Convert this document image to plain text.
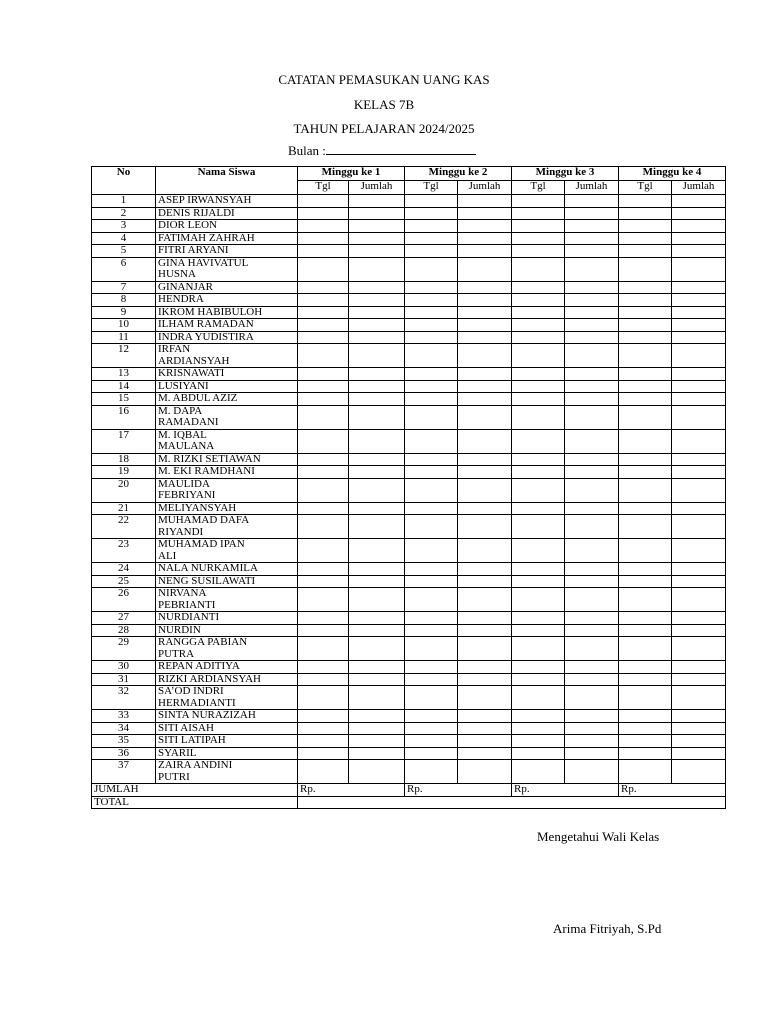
CATATAN PEMASUKAN UANG KAS
KELAS 7B
TAHUN PELAJARAN 2024/2025
Bulan :
No	Nama Siswa	Minggu ke 1		Minggu ke 2		Minggu ke 3		Minggu ke 4	
		Tgl	Jumlah	Tgl	Jumlah	Tgl	Jumlah	Tgl	Jumlah
1	ASEP IRWANSYAH								

2	DENIS RIJALDI								

3	DIOR LEON								

4	FATIMAH ZAHRAH								

5	FITRI ARYANI								

6	GINA HAVIVATUL
HUSNA								

7	GINANJAR								

8	HENDRA								

9	IKROM HABIBULOH								

10	ILHAM RAMADAN								

11	INDRA YUDISTIRA								

12	IRFAN
ARDIANSYAH								

13	KRISNAWATI								

14	LUSIYANI								

15	M. ABDUL AZIZ								

16	M. DAPA
RAMADANI								

17	M. IQBAL
MAULANA								

18	M. RIZKI SETIAWAN								

19	M. EKI RAMDHANI								

20	MAULIDA
FEBRIYANI								

21	MELIYANSYAH								

22	MUHAMAD DAFA
RIYANDI								

23	MUHAMAD IPAN
ALI								

24	NALA NURKAMILA								

25	NENG SUSILAWATI								

26	NIRVANA
PEBRIANTI								

27	NURDIANTI								

28	NURDIN								

29	RANGGA PABIAN
PUTRA								

30	REPAN ADITIYA								

31	RIZKI ARDIANSYAH								

32	SA’OD INDRI
HERMADIANTI								

33	SINTA NURAZIZAH								

34	SITI AISAH								

35	SITI LATIPAH								

36	SYARIL								

37	ZAIRA ANDINI
PUTRI								

JUMLAH		Rp.		Rp.		Rp.		Rp.	
TOTAL									
Mengetahui Wali Kelas
Arima Fitriyah, S.Pd
